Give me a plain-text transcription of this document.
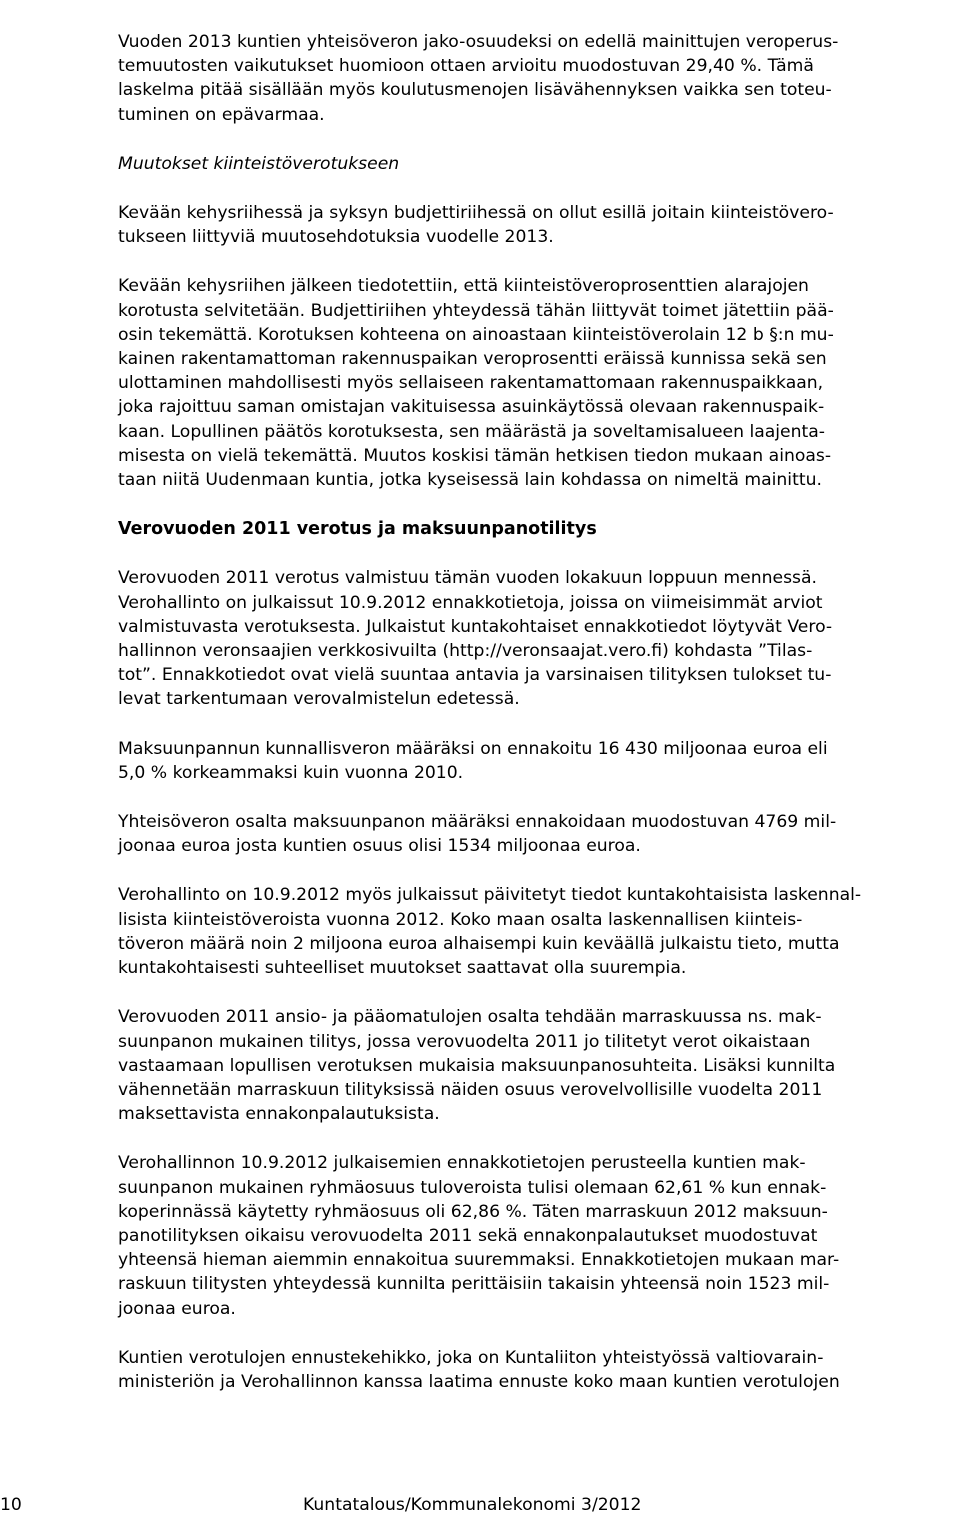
Vuoden 2013 kuntien yhteisöveron jako-osuudeksi on edellä mainittujen veroperus-
temuutosten vaikutukset huomioon ottaen arvioitu muodostuvan 29,40 %. Tämä
laskelma pitää sisällään myös koulutusmenojen lisävähennyksen vaikka sen toteu-
tuminen on epävarmaa.
Muutokset kiinteistöverotukseen
Kevään kehysriihessä ja syksyn budjettiriihessä on ollut esillä joitain kiinteistövero-
tukseen liittyviä muutosehdotuksia vuodelle 2013.
Kevään kehysriihen jälkeen tiedotettiin, että kiinteistöveroprosenttien alarajojen
korotusta selvitetään. Budjettiriihen yhteydessä tähän liittyvät toimet jätettiin pää-
osin tekemättä. Korotuksen kohteena on ainoastaan kiinteistöverolain 12 b §:n mu-
kainen rakentamattoman rakennuspaikan veroprosentti eräissä kunnissa sekä sen
ulottaminen mahdollisesti myös sellaiseen rakentamattomaan rakennuspaikkaan,
joka rajoittuu saman omistajan vakituisessa asuinkäytössä olevaan rakennuspaik-
kaan. Lopullinen päätös korotuksesta, sen määrästä ja soveltamisalueen laajenta-
misesta on vielä tekemättä. Muutos koskisi tämän hetkisen tiedon mukaan ainoas-
taan niitä Uudenmaan kuntia, jotka kyseisessä lain kohdassa on nimeltä mainittu.
Verovuoden 2011 verotus ja maksuunpanotilitys
Verovuoden 2011 verotus valmistuu tämän vuoden lokakuun loppuun mennessä.
Verohallinto on julkaissut 10.9.2012 ennakkotietoja, joissa on viimeisimmät arviot
valmistuvasta verotuksesta. Julkaistut kuntakohtaiset ennakkotiedot löytyvät Vero-
hallinnon veronsaajien verkkosivuilta (http://veronsaajat.vero.fi) kohdasta ”Tilas-
tot”. Ennakkotiedot ovat vielä suuntaa antavia ja varsinaisen tilityksen tulokset tu-
levat tarkentumaan verovalmistelun edetessä.
Maksuunpannun kunnallisveron määräksi on ennakoitu 16 430 miljoonaa euroa eli
5,0 % korkeammaksi kuin vuonna 2010.
Yhteisöveron osalta maksuunpanon määräksi ennakoidaan muodostuvan 4769 mil-
joonaa euroa josta kuntien osuus olisi 1534 miljoonaa euroa.
Verohallinto on 10.9.2012 myös julkaissut päivitetyt tiedot kuntakohtaisista laskennal-
lisista kiinteistöveroista vuonna 2012. Koko maan osalta laskennallisen kiinteis-
töveron määrä noin 2 miljoona euroa alhaisempi kuin keväällä julkaistu tieto, mutta
kuntakohtaisesti suhteelliset muutokset saattavat olla suurempia.
Verovuoden 2011 ansio- ja pääomatulojen osalta tehdään marraskuussa ns. mak-
suunpanon mukainen tilitys, jossa verovuodelta 2011 jo tilitetyt verot oikaistaan
vastaamaan lopullisen verotuksen mukaisia maksuunpanosuhteita. Lisäksi kunnilta
vähennetään marraskuun tilityksissä näiden osuus verovelvollisille vuodelta 2011
maksettavista ennakonpalautuksista.
Verohallinnon 10.9.2012 julkaisemien ennakkotietojen perusteella kuntien mak-
suunpanon mukainen ryhmäosuus tuloveroista tulisi olemaan 62,61 % kun ennak-
koperinnässä käytetty ryhmäosuus oli 62,86 %. Täten marraskuun 2012 maksuun-
panotilityksen oikaisu verovuodelta 2011 sekä ennakonpalautukset muodostuvat
yhteensä hieman aiemmin ennakoitua suuremmaksi. Ennakkotietojen mukaan mar-
raskuun tilitysten yhteydessä kunnilta perittäisiin takaisin yhteensä noin 1523 mil-
joonaa euroa.
Kuntien verotulojen ennustekehikko, joka on Kuntaliiton yhteistyössä valtiovarain-
ministeriön ja Verohallinnon kanssa laatima ennuste koko maan kuntien verotulojen
10	Kuntatalous/Kommunalekonomi 3/2012
